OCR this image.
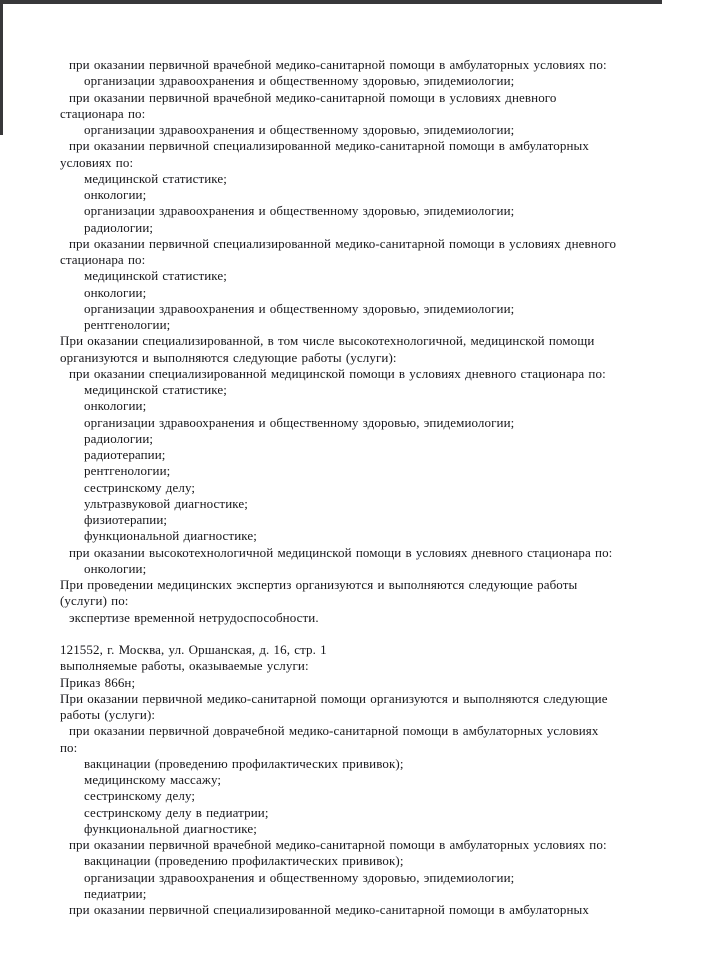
при оказании первичной врачебной медико-санитарной помощи в амбулаторных условиях по:
организации здравоохранения и общественному здоровью, эпидемиологии;
при оказании первичной врачебной медико-санитарной помощи в условиях дневного
стационара по:
организации здравоохранения и общественному здоровью, эпидемиологии;
при оказании первичной специализированной медико-санитарной помощи в амбулаторных
условиях по:
медицинской статистике;
онкологии;
организации здравоохранения и общественному здоровью, эпидемиологии;
радиологии;
при оказании первичной специализированной медико-санитарной помощи в условиях дневного
стационара по:
медицинской статистике;
онкологии;
организации здравоохранения и общественному здоровью, эпидемиологии;
рентгенологии;
При оказании специализированной, в том числе высокотехнологичной, медицинской помощи
организуются и выполняются следующие работы (услуги):
при оказании специализированной медицинской помощи в условиях дневного стационара по:
медицинской статистике;
онкологии;
организации здравоохранения и общественному здоровью, эпидемиологии;
радиологии;
радиотерапии;
рентгенологии;
сестринскому делу;
ультразвуковой диагностике;
физиотерапии;
функциональной диагностике;
при оказании высокотехнологичной медицинской помощи в условиях дневного стационара по:
онкологии;
При проведении медицинских экспертиз организуются и выполняются следующие работы
(услуги) по:
экспертизе временной нетрудоспособности.

121552, г. Москва, ул. Оршанская, д. 16, стр. 1
выполняемые работы, оказываемые услуги:
Приказ 866н;
При оказании первичной медико-санитарной помощи организуются и выполняются следующие
работы (услуги):
при оказании первичной доврачебной медико-санитарной помощи в амбулаторных условиях
по:
вакцинации (проведению профилактических прививок);
медицинскому массажу;
сестринскому делу;
сестринскому делу в педиатрии;
функциональной диагностике;
при оказании первичной врачебной медико-санитарной помощи в амбулаторных условиях по:
вакцинации (проведению профилактических прививок);
организации здравоохранения и общественному здоровью, эпидемиологии;
педиатрии;
при оказании первичной специализированной медико-санитарной помощи в амбулаторных
